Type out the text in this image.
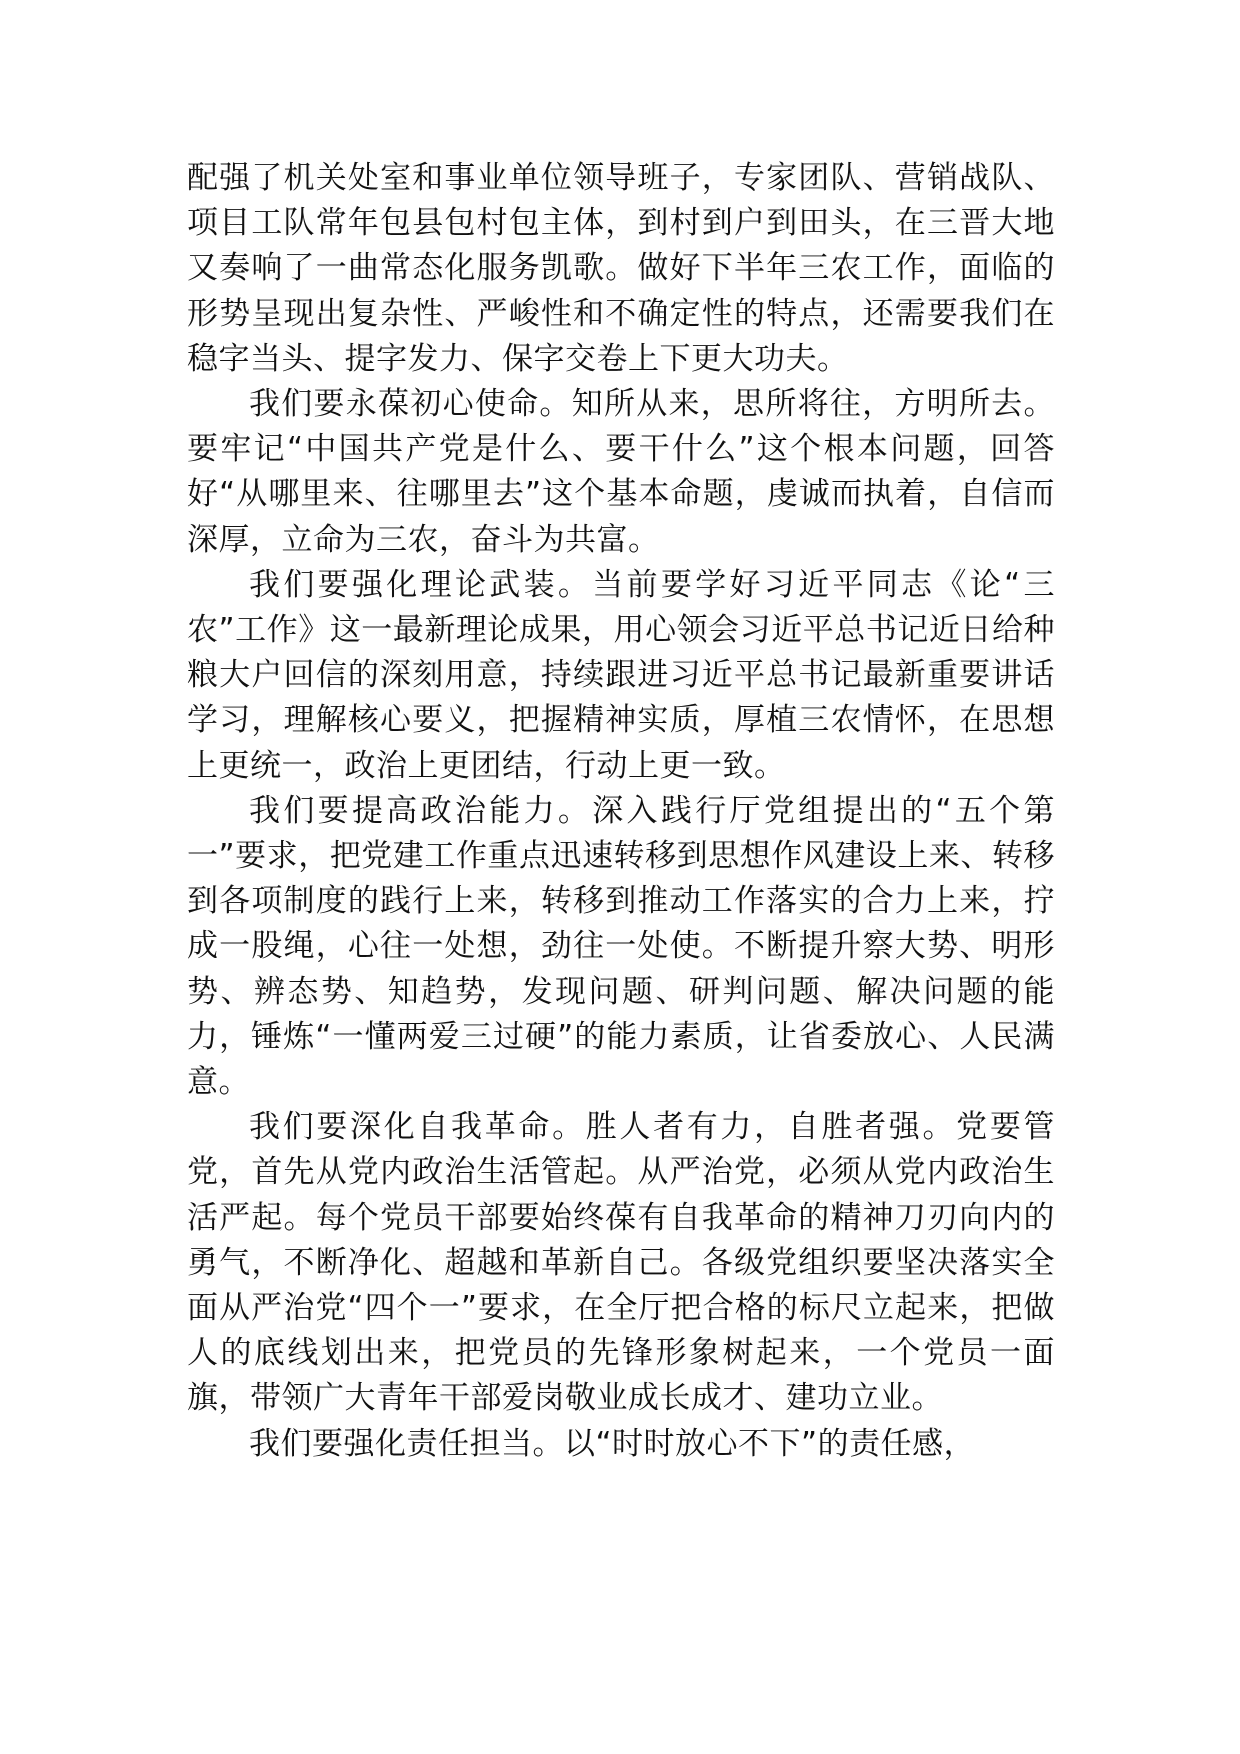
配强了机关处室和事业单位领导班子，专家团队、营销战队、项目工队常年包县包村包主体，到村到户到田头，在三晋大地又奏响了一曲常态化服务凯歌。做好下半年三农工作，面临的形势呈现出复杂性、严峻性和不确定性的特点，还需要我们在稳字当头、提字发力、保字交卷上下更大功夫。

我们要永葆初心使命。知所从来，思所将往，方明所去。要牢记“中国共产党是什么、要干什么”这个根本问题，回答好“从哪里来、往哪里去”这个基本命题，虔诚而执着，自信而深厚，立命为三农，奋斗为共富。

我们要强化理论武装。当前要学好习近平同志《论“三农”工作》这一最新理论成果，用心领会习近平总书记近日给种粮大户回信的深刻用意，持续跟进习近平总书记最新重要讲话学习，理解核心要义，把握精神实质，厚植三农情怀，在思想上更统一，政治上更团结，行动上更一致。

我们要提高政治能力。深入践行厅党组提出的“五个第一”要求，把党建工作重点迅速转移到思想作风建设上来、转移到各项制度的践行上来，转移到推动工作落实的合力上来，拧成一股绳，心往一处想，劲往一处使。不断提升察大势、明形势、辨态势、知趋势，发现问题、研判问题、解决问题的能力，锤炼“一懂两爱三过硬”的能力素质，让省委放心、人民满意。

我们要深化自我革命。胜人者有力，自胜者强。党要管党，首先从党内政治生活管起。从严治党，必须从党内政治生活严起。每个党员干部要始终葆有自我革命的精神刀刃向内的勇气，不断净化、超越和革新自己。各级党组织要坚决落实全面从严治党“四个一”要求，在全厅把合格的标尺立起来，把做人的底线划出来，把党员的先锋形象树起来，一个党员一面旗，带领广大青年干部爱岗敬业成长成才、建功立业。

我们要强化责任担当。以“时时放心不下”的责任感，
